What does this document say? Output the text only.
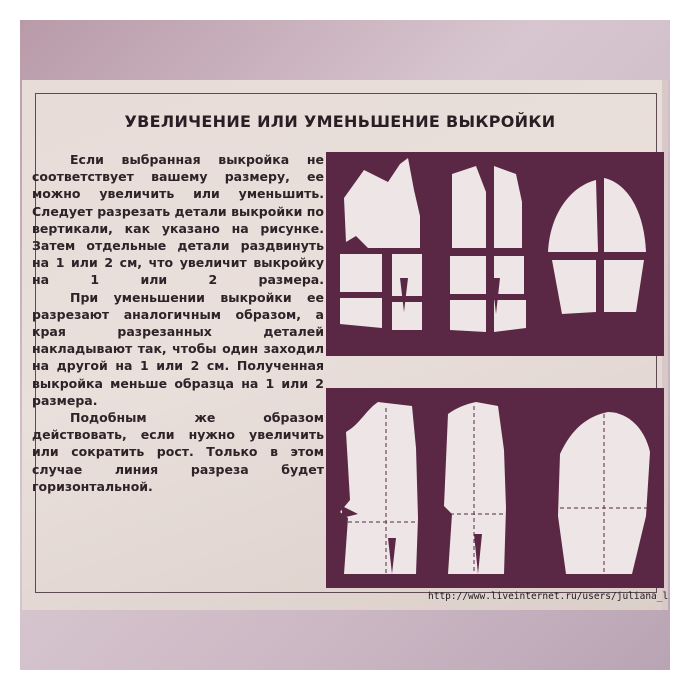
УВЕЛИЧЕНИЕ ИЛИ УМЕНЬШЕНИЕ ВЫКРОЙКИ

Если выбранная выкройка не соответствует вашему размеру, ее можно увеличить или уменьшить. Следует разрезать детали выкройки по вертикали, как указано на рисунке. Затем отдельные детали раздвинуть на 1 или 2 см, что увеличит выкройку на 1 или 2 размера.

При уменьшении выкройки ее разрезают аналогичным образом, а края разрезанных деталей накладывают так, чтобы один заходил на другой на 1 или 2 см. Полученная выкройка меньше образца на 1 или 2 размера.

Подобным же образом действовать, если нужно увеличить или сократить рост. Только в этом случае линия разреза будет горизонтальной.

http://www.liveinternet.ru/users/juliana_l
